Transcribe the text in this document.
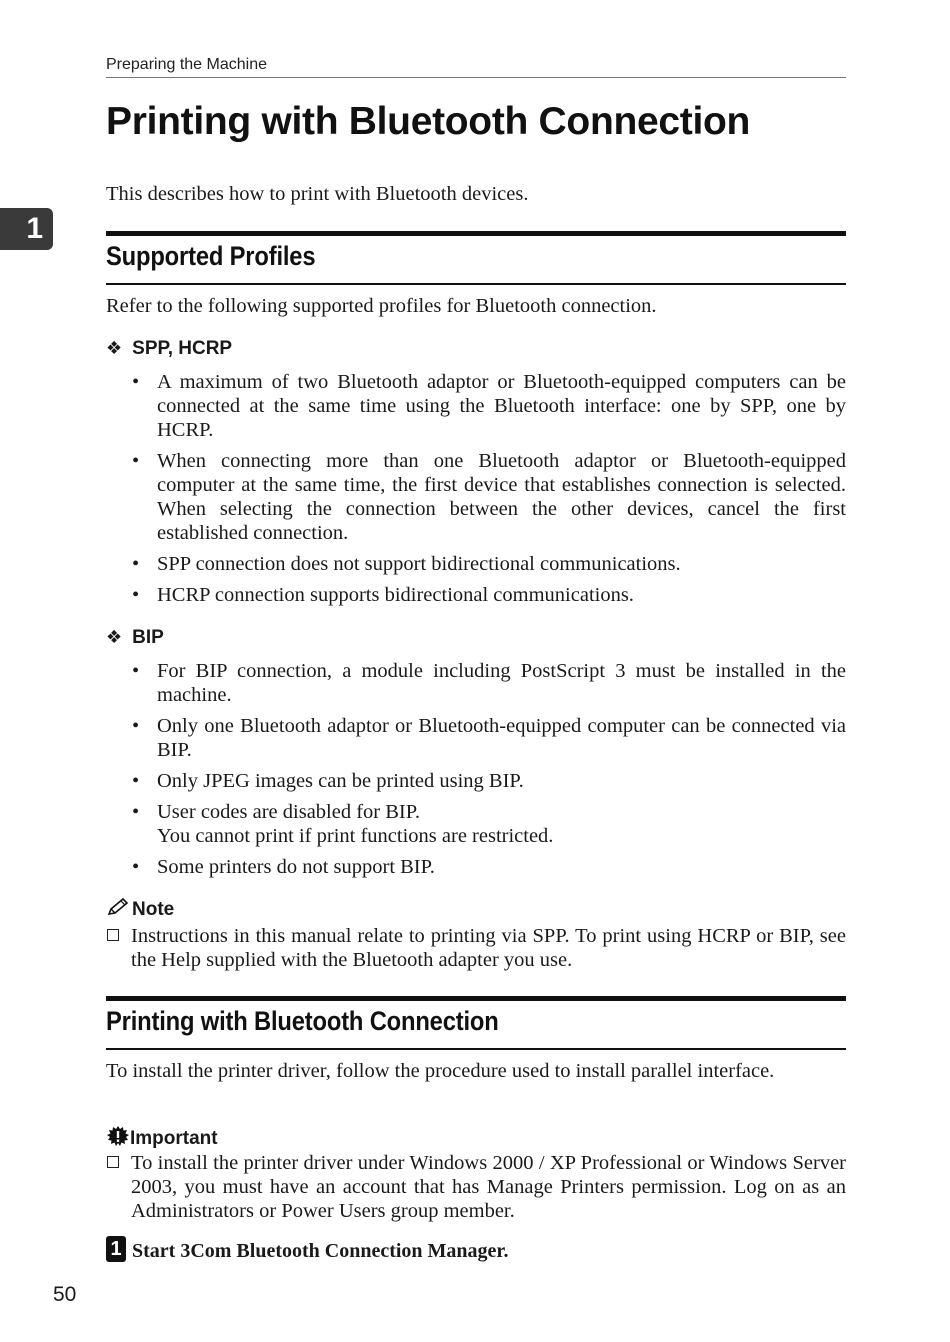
Preparing the Machine
1
Printing with Bluetooth Connection
This describes how to print with Bluetooth devices.
Supported Profiles
Refer to the following supported profiles for Bluetooth connection.
❖ SPP, HCRP
• A maximum of two Bluetooth adaptor or Bluetooth-equipped computers can be connected at the same time using the Bluetooth interface: one by SPP, one by HCRP.
• When connecting more than one Bluetooth adaptor or Bluetooth-equipped computer at the same time, the first device that establishes connection is selected. When selecting the connection between the other devices, cancel the first established connection.
• SPP connection does not support bidirectional communications.
• HCRP connection supports bidirectional communications.
❖ BIP
• For BIP connection, a module including PostScript 3 must be installed in the machine.
• Only one Bluetooth adaptor or Bluetooth-equipped computer can be connected via BIP.
• Only JPEG images can be printed using BIP.
• User codes are disabled for BIP.
You cannot print if print functions are restricted.
• Some printers do not support BIP.
Note
Instructions in this manual relate to printing via SPP. To print using HCRP or BIP, see the Help supplied with the Bluetooth adapter you use.
Printing with Bluetooth Connection
To install the printer driver, follow the procedure used to install parallel interface.
Important
To install the printer driver under Windows 2000 / XP Professional or Windows Server 2003, you must have an account that has Manage Printers permission. Log on as an Administrators or Power Users group member.
1 Start 3Com Bluetooth Connection Manager.
50
